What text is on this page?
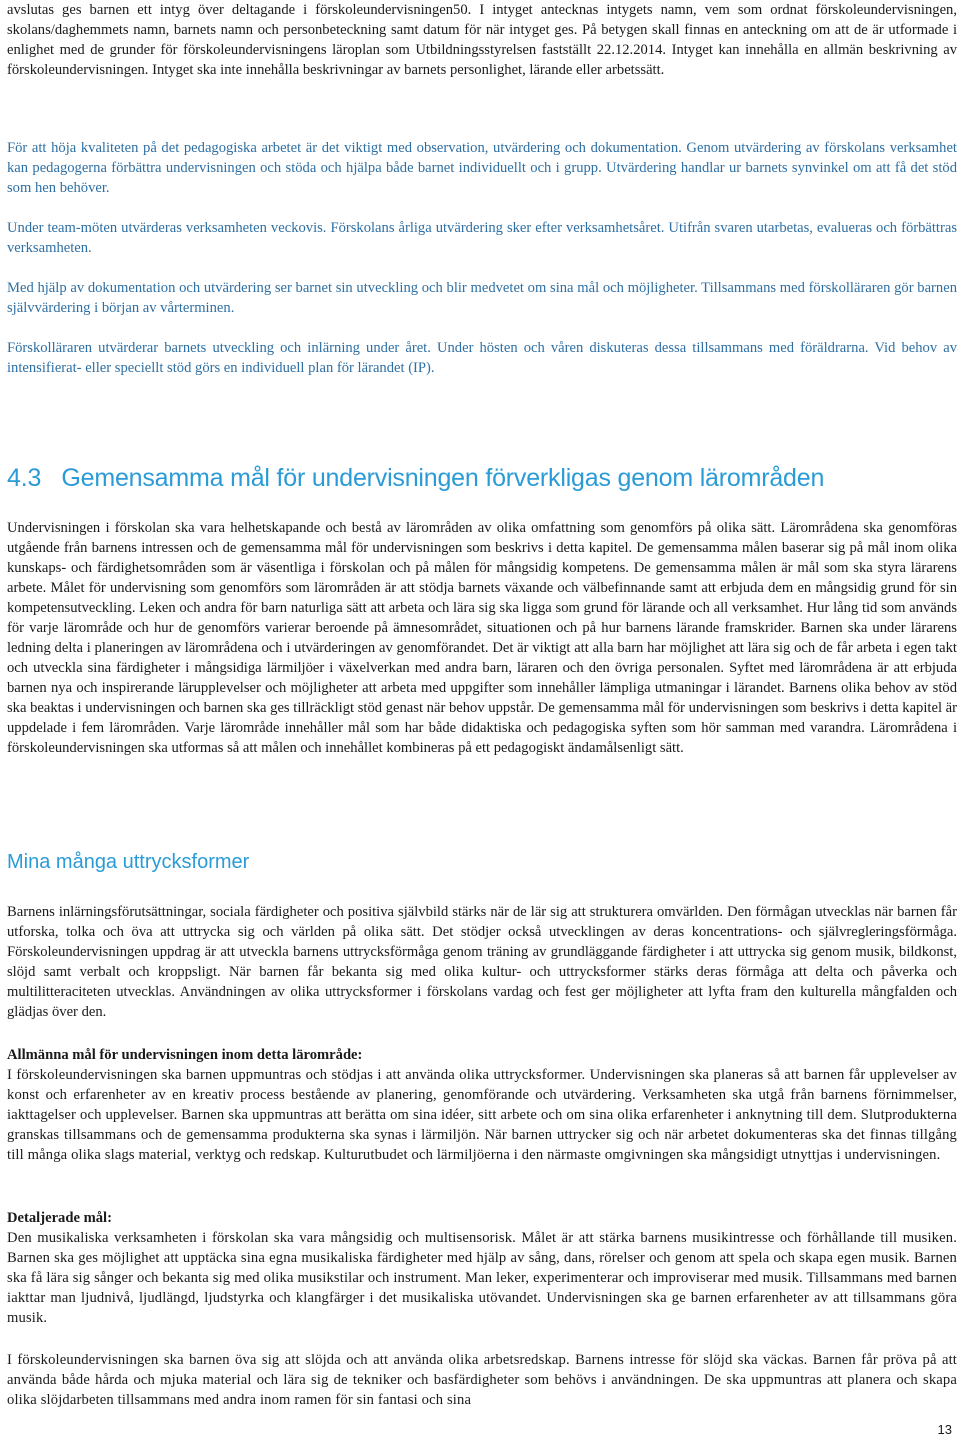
avslutas ges barnen ett intyg över deltagande i förskoleundervisningen50. I intyget antecknas intygets namn, vem som ordnat förskoleundervisningen, skolans/daghemmets namn, barnets namn och personbeteckning samt datum för när intyget ges. På betygen skall finnas en anteckning om att de är utformade i enlighet med de grunder för förskoleundervisningens läroplan som Utbildningsstyrelsen fastställt 22.12.2014. Intyget kan innehålla en allmän beskrivning av förskoleundervisningen. Intyget ska inte innehålla beskrivningar av barnets personlighet, lärande eller arbetssätt.

För att höja kvaliteten på det pedagogiska arbetet är det viktigt med observation, utvärdering och dokumentation. Genom utvärdering av förskolans verksamhet kan pedagogerna förbättra undervisningen och stöda och hjälpa både barnet individuellt och i grupp. Utvärdering handlar ur barnets synvinkel om att få det stöd som hen behöver.

Under team-möten utvärderas verksamheten veckovis. Förskolans årliga utvärdering sker efter verksamhetsåret. Utifrån svaren utarbetas, evalueras och förbättras verksamheten.

Med hjälp av dokumentation och utvärdering ser barnet sin utveckling och blir medvetet om sina mål och möjligheter. Tillsammans med förskolläraren gör barnen självvärdering i början av vårterminen.

Förskolläraren utvärderar barnets utveckling och inlärning under året. Under hösten och våren diskuteras dessa tillsammans med föräldrarna. Vid behov av intensifierat- eller speciellt stöd görs en individuell plan för lärandet (IP).

4.3   Gemensamma mål för undervisningen förverkligas genom lärområden

Undervisningen i förskolan ska vara helhetskapande och bestå av lärområden av olika omfattning som genomförs på olika sätt. Lärområdena ska genomföras utgående från barnens intressen och de gemensamma mål för undervisningen som beskrivs i detta kapitel. De gemensamma målen baserar sig på mål inom olika kunskaps- och färdighetsområden som är väsentliga i förskolan och på målen för mångsidig kompetens. De gemensamma målen är mål som ska styra lärarens arbete. Målet för undervisning som genomförs som lärområden är att stödja barnets växande och välbefinnande samt att erbjuda dem en mångsidig grund för sin kompetensutveckling. Leken och andra för barn naturliga sätt att arbeta och lära sig ska ligga som grund för lärande och all verksamhet. Hur lång tid som används för varje lärområde och hur de genomförs varierar beroende på ämnesområdet, situationen och på hur barnens lärande framskrider. Barnen ska under lärarens ledning delta i planeringen av lärområdena och i utvärderingen av genomförandet. Det är viktigt att alla barn har möjlighet att lära sig och de får arbeta i egen takt och utveckla sina färdigheter i mångsidiga lärmiljöer i växelverkan med andra barn, läraren och den övriga personalen. Syftet med lärområdena är att erbjuda barnen nya och inspirerande lärupplevelser och möjligheter att arbeta med uppgifter som innehåller lämpliga utmaningar i lärandet. Barnens olika behov av stöd ska beaktas i undervisningen och barnen ska ges tillräckligt stöd genast när behov uppstår. De gemensamma mål för undervisningen som beskrivs i detta kapitel är uppdelade i fem lärområden. Varje lärområde innehåller mål som har både didaktiska och pedagogiska syften som hör samman med varandra. Lärområdena i förskoleundervisningen ska utformas så att målen och innehållet kombineras på ett pedagogiskt ändamålsenligt sätt.

Mina många uttrycksformer

Barnens inlärningsförutsättningar, sociala färdigheter och positiva självbild stärks när de lär sig att strukturera omvärlden. Den förmågan utvecklas när barnen får utforska, tolka och öva att uttrycka sig och världen på olika sätt. Det stödjer också utvecklingen av deras koncentrations- och självregleringsförmåga. Förskoleundervisningen uppdrag är att utveckla barnens uttrycksförmåga genom träning av grundläggande färdigheter i att uttrycka sig genom musik, bildkonst, slöjd samt verbalt och kroppsligt. När barnen får bekanta sig med olika kultur- och uttrycksformer stärks deras förmåga att delta och påverka och multilitteraciteten utvecklas. Användningen av olika uttrycksformer i förskolans vardag och fest ger möjligheter att lyfta fram den kulturella mångfalden och glädjas över den.

Allmänna mål för undervisningen inom detta lärområde:

I förskoleundervisningen ska barnen uppmuntras och stödjas i att använda olika uttrycksformer. Undervisningen ska planeras så att barnen får upplevelser av konst och erfarenheter av en kreativ process bestående av planering, genomförande och utvärdering. Verksamheten ska utgå från barnens förnimmelser, iakttagelser och upplevelser. Barnen ska uppmuntras att berätta om sina idéer, sitt arbete och om sina olika erfarenheter i anknytning till dem. Slutprodukterna granskas tillsammans och de gemensamma produkterna ska synas i lärmiljön. När barnen uttrycker sig och när arbetet dokumenteras ska det finnas tillgång till många olika slags material, verktyg och redskap. Kulturutbudet och lärmiljöerna i den närmaste omgivningen ska mångsidigt utnyttjas i undervisningen.

Detaljerade mål:

Den musikaliska verksamheten i förskolan ska vara mångsidig och multisensorisk. Målet är att stärka barnens musikintresse och förhållande till musiken. Barnen ska ges möjlighet att upptäcka sina egna musikaliska färdigheter med hjälp av sång, dans, rörelser och genom att spela och skapa egen musik. Barnen ska få lära sig sånger och bekanta sig med olika musikstilar och instrument. Man leker, experimenterar och improviserar med musik. Tillsammans med barnen iakttar man ljudnivå, ljudlängd, ljudstyrka och klangfärger i det musikaliska utövandet. Undervisningen ska ge barnen erfarenheter av att tillsammans göra musik.

I förskoleundervisningen ska barnen öva sig att slöjda och att använda olika arbetsredskap. Barnens intresse för slöjd ska väckas. Barnen får pröva på att använda både hårda och mjuka material och lära sig de tekniker och basfärdigheter som behövs i användningen. De ska uppmuntras att planera och skapa olika slöjdarbeten tillsammans med andra inom ramen för sin fantasi och sina

13
